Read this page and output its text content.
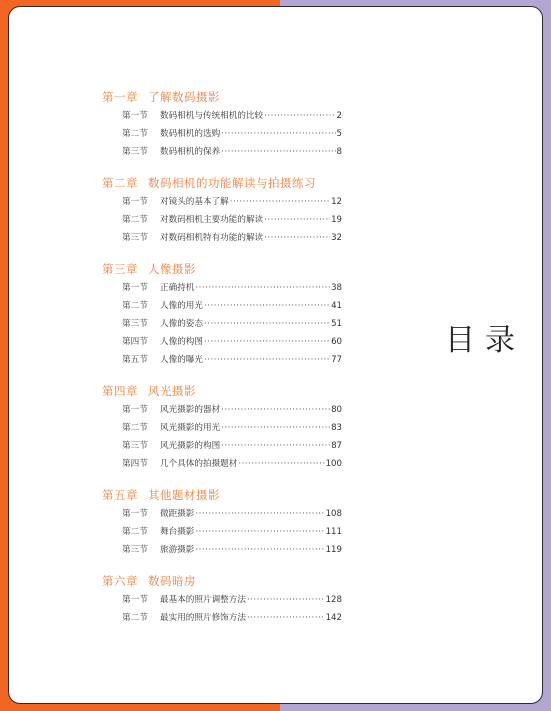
第一章 了解数码摄影
第一节	数码相机与传统相机的比较 ·····	2
第二节	数码相机的选购 ·····	5
第三节	数码相机的保养 ·····	8
第二章 数码相机的功能解读与拍摄练习
第一节	对镜头的基本了解 ·····	12
第二节	对数码相机主要功能的解读 ·····	19
第三节	对数码相机特有功能的解读 ·····	32
第三章 人像摄影
第一节	正确持机 ·····	38
第二节	人像的用光 ·····	41
第三节	人像的姿态 ·····	51
第四节	人像的构图 ·····	60
第五节	人像的曝光 ·····	77
第四章 风光摄影
第一节	风光摄影的器材 ·····	80
第二节	风光摄影的用光 ·····	83
第三节	风光摄影的构图 ·····	87
第四节	几个具体的拍摄题材 ·····	100
第五章 其他题材摄影
第一节	微距摄影 ·····	108
第二节	舞台摄影 ·····	111
第三节	旅游摄影 ·····	119
第六章 数码暗房
第一节	最基本的照片调整方法 ·····	128
第二节	最实用的照片修饰方法 ·····	142
目录
